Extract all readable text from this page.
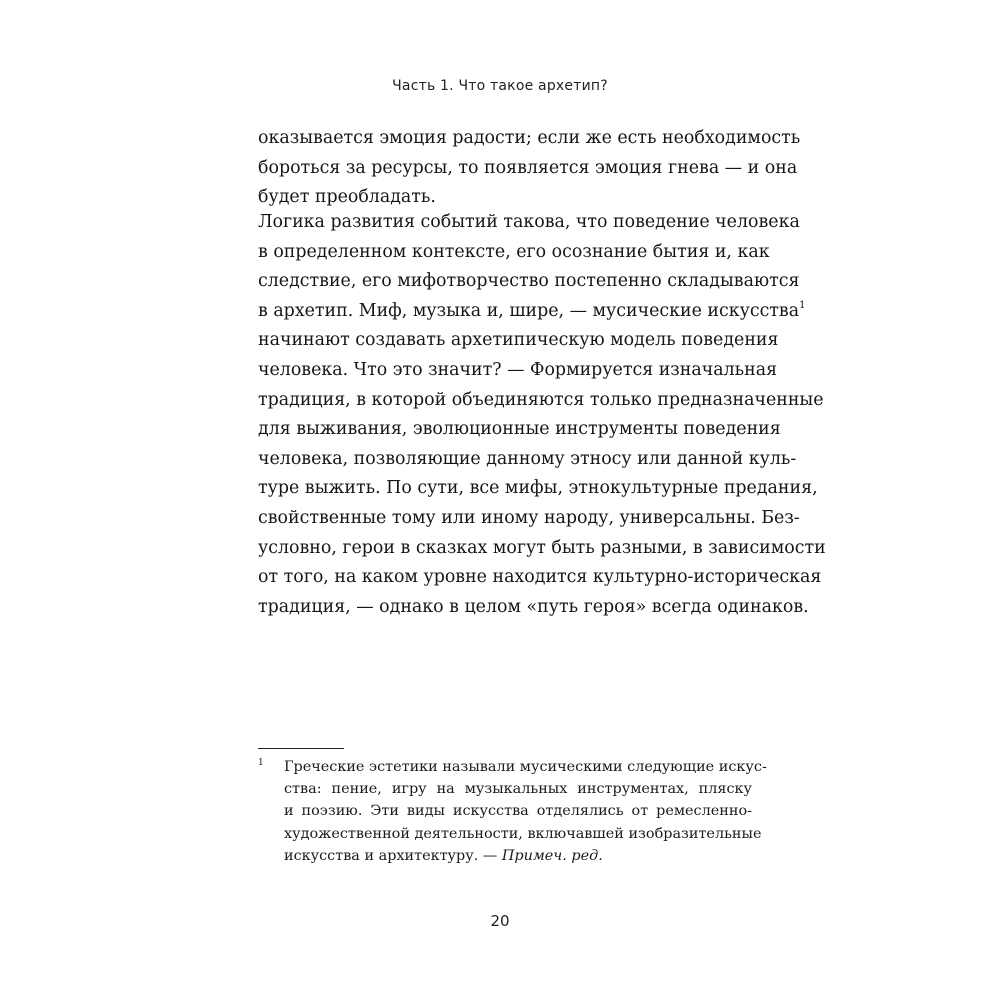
Часть 1. Что такое архетип?
оказывается эмоция радости; если же есть необходимость
бороться за ресурсы, то появляется эмоция гнева — и она
будет преобладать.
Логика развития событий такова, что поведение человека
в определенном контексте, его осознание бытия и, как
следствие, его мифотворчество постепенно складываются
в архетип. Миф, музыка и, шире, — мусические искусства$^1$
начинают создавать архетипическую модель поведения
человека. Что это значит? — Формируется изначальная
традиция, в которой объединяются только предназначенные
для выживания, эволюционные инструменты поведения
человека, позволяющие данному этносу или данной куль-
туре выжить. По сути, все мифы, этнокультурные предания,
свойственные тому или иному народу, универсальны. Без-
условно, герои в сказках могут быть разными, в зависимости
от того, на каком уровне находится культурно-историческая
традиция, — однако в целом «путь героя» всегда одинаков.
1 Греческие эстетики называли мусическими следующие искус-
ства: пение, игру на музыкальных инструментах, пляску
и поэзию. Эти виды искусства отделялись от ремесленно-
художественной деятельности, включавшей изобразительные
искусства и архитектуру. — Примеч. ред.
20
